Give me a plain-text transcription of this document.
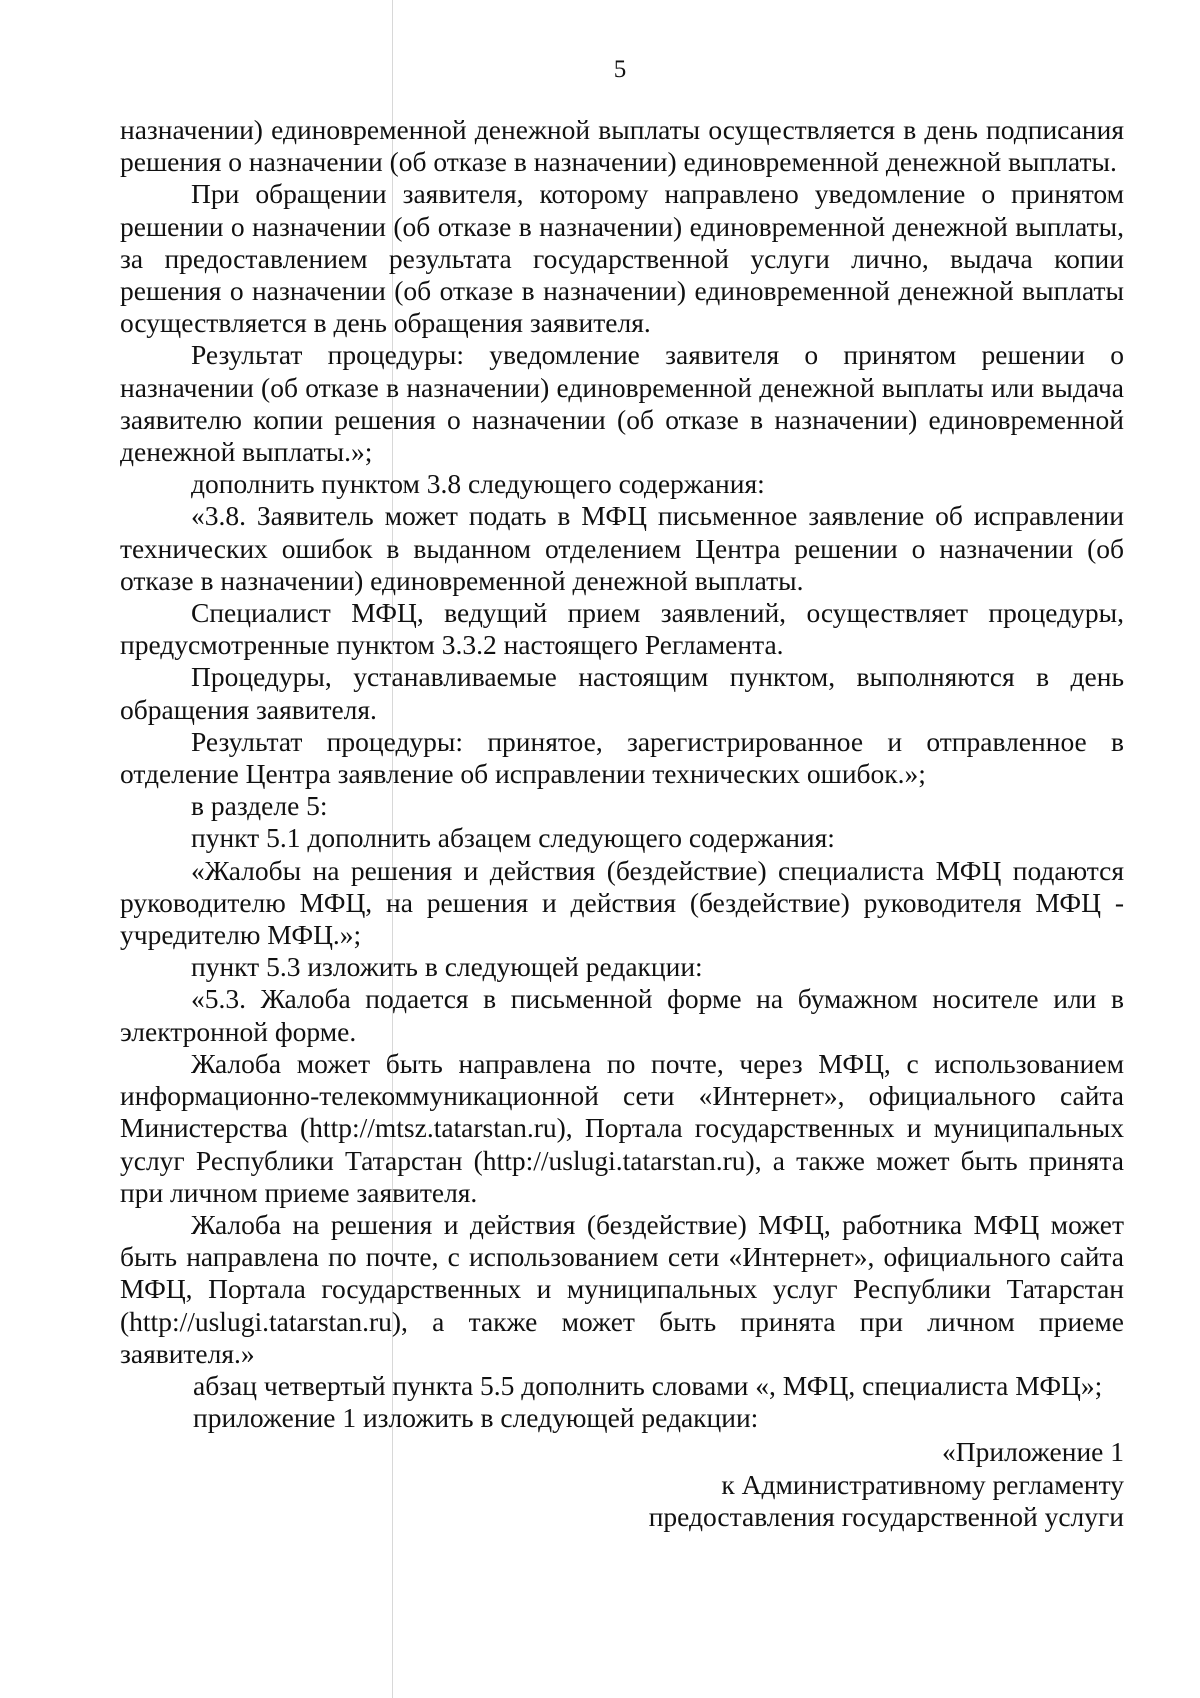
5

назначении) единовременной денежной выплаты осуществляется в день подписания решения о назначении (об отказе в назначении) единовременной денежной выплаты.

При обращении заявителя, которому направлено уведомление о принятом решении о назначении (об отказе в назначении) единовременной денежной выплаты, за предоставлением результата государственной услуги лично, выдача копии решения о назначении (об отказе в назначении) единовременной денежной выплаты осуществляется в день обращения заявителя.

Результат процедуры: уведомление заявителя о принятом решении о назначении (об отказе в назначении) единовременной денежной выплаты или выдача заявителю копии решения о назначении (об отказе в назначении) единовременной денежной выплаты.»;

дополнить пунктом 3.8 следующего содержания:

«3.8. Заявитель может подать в МФЦ письменное заявление об исправлении технических ошибок в выданном отделением Центра решении о назначении (об отказе в назначении) единовременной денежной выплаты.

Специалист МФЦ, ведущий прием заявлений, осуществляет процедуры, предусмотренные пунктом 3.3.2 настоящего Регламента.

Процедуры, устанавливаемые настоящим пунктом, выполняются в день обращения заявителя.

Результат процедуры: принятое, зарегистрированное и отправленное в отделение Центра заявление об исправлении технических ошибок.»;

в разделе 5:

пункт 5.1 дополнить абзацем следующего содержания:

«Жалобы на решения и действия (бездействие) специалиста МФЦ подаются руководителю МФЦ, на решения и действия (бездействие) руководителя МФЦ - учредителю МФЦ.»;

пункт 5.3 изложить в следующей редакции:

«5.3. Жалоба подается в письменной форме на бумажном носителе или в электронной форме.

Жалоба может быть направлена по почте, через МФЦ, с использованием информационно-телекоммуникационной сети «Интернет», официального сайта Министерства (http://mtsz.tatarstan.ru), Портала государственных и муниципальных услуг Республики Татарстан (http://uslugi.tatarstan.ru), а также может быть принята при личном приеме заявителя.

Жалоба на решения и действия (бездействие) МФЦ, работника МФЦ может быть направлена по почте, с использованием сети «Интернет», официального сайта МФЦ, Портала государственных и муниципальных услуг Республики Татарстан (http://uslugi.tatarstan.ru), а также может быть принята при личном приеме заявителя.»

абзац четвертый пункта 5.5 дополнить словами «, МФЦ, специалиста МФЦ»;

приложение 1 изложить в следующей редакции:

«Приложение 1
к Административному регламенту
предоставления государственной услуги
